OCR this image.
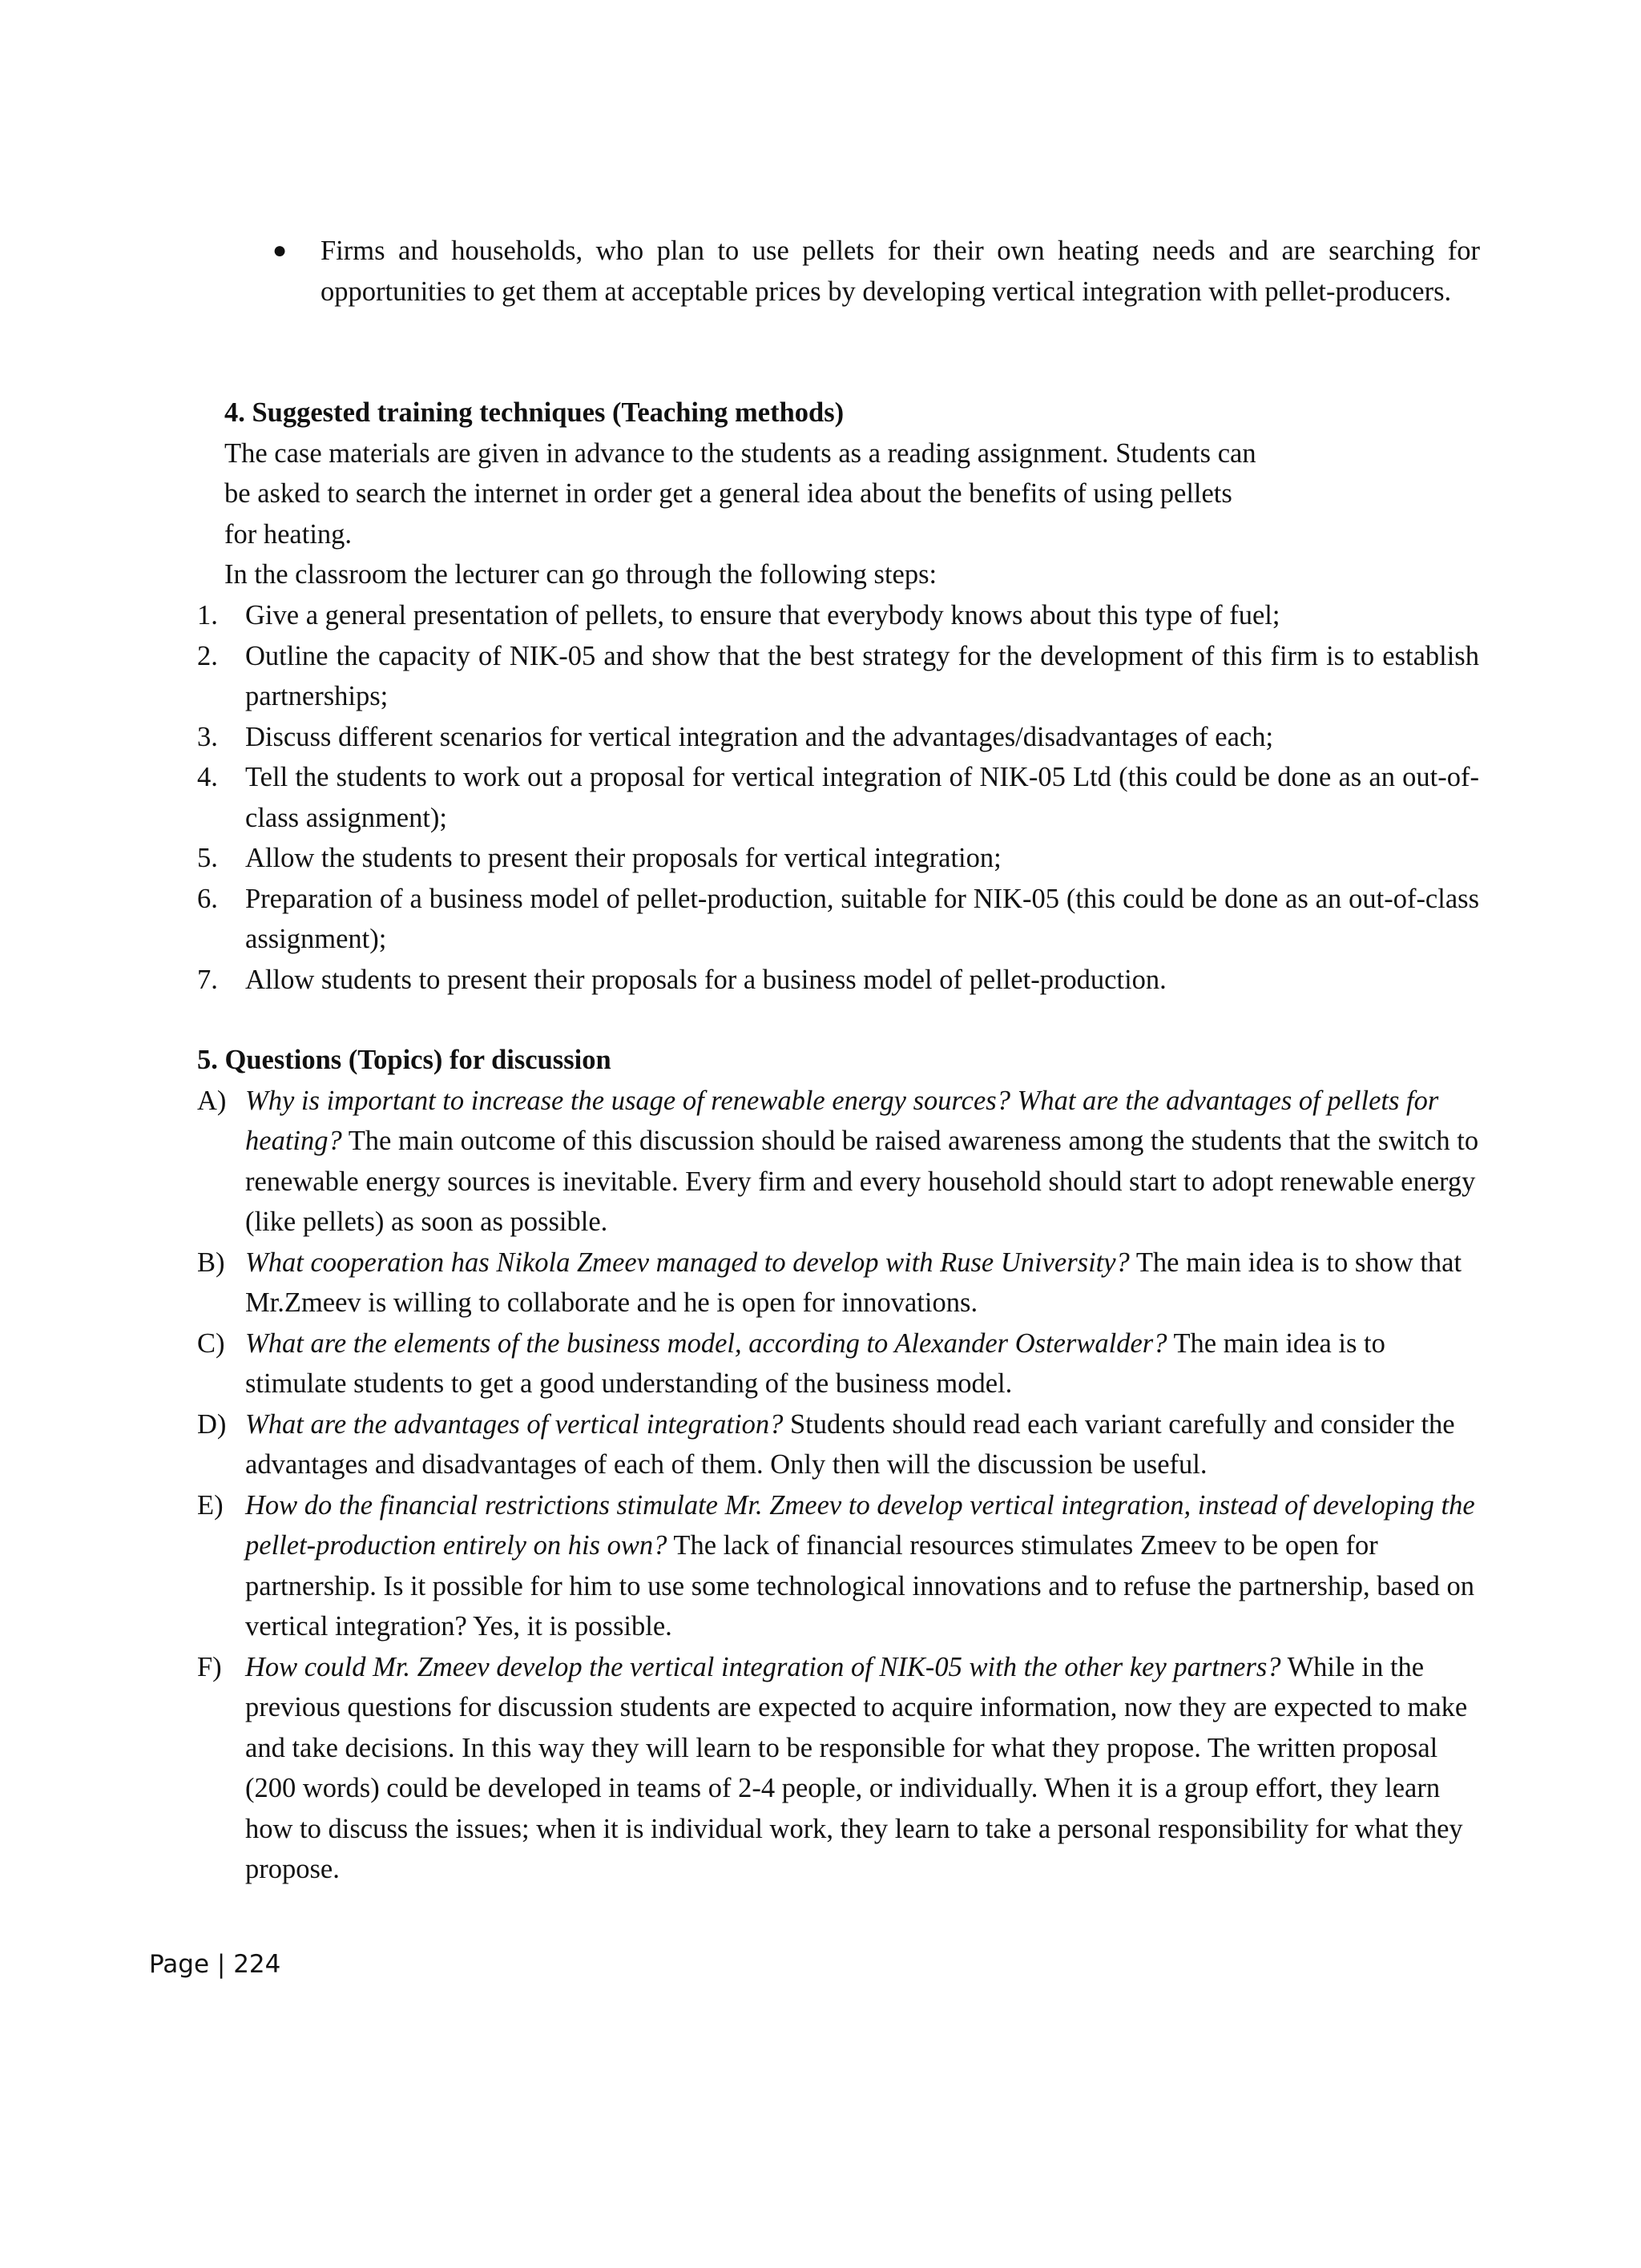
● Firms and households, who plan to use pellets for their own heating needs and are searching for opportunities to get them at acceptable prices by developing vertical integration with pellet-producers.
4. Suggested training techniques (Teaching methods)
The case materials are given in advance to the students as a reading assignment. Students can
be asked to search the internet in order get a general idea about the benefits of using pellets
for heating.
In the classroom the lecturer can go through the following steps:
1. Give a general presentation of pellets, to ensure that everybody knows about this type of fuel;
2. Outline the capacity of NIK-05 and show that the best strategy for the development of this firm is to establish partnerships;
3. Discuss different scenarios for vertical integration and the advantages/disadvantages of each;
4. Tell the students to work out a proposal for vertical integration of NIK-05 Ltd (this could be done as an out-of-class assignment);
5. Allow the students to present their proposals for vertical integration;
6. Preparation of a business model of pellet-production, suitable for NIK-05 (this could be done as an out-of-class assignment);
7. Allow students to present their proposals for a business model of pellet-production.
5. Questions (Topics) for discussion
A) Why is important to increase the usage of renewable energy sources? What are the advantages of pellets for heating? The main outcome of this discussion should be raised awareness among the students that the switch to renewable energy sources is inevitable. Every firm and every household should start to adopt renewable energy (like pellets) as soon as possible.
B) What cooperation has Nikola Zmeev managed to develop with Ruse University? The main idea is to show that Mr.Zmeev is willing to collaborate and he is open for innovations.
C) What are the elements of the business model, according to Alexander Osterwalder? The main idea is to stimulate students to get a good understanding of the business model.
D) What are the advantages of vertical integration? Students should read each variant carefully and consider the advantages and disadvantages of each of them. Only then will the discussion be useful.
E) How do the financial restrictions stimulate Mr. Zmeev to develop vertical integration, instead of developing the pellet-production entirely on his own? The lack of financial resources stimulates Zmeev to be open for partnership. Is it possible for him to use some technological innovations and to refuse the partnership, based on vertical integration? Yes, it is possible.
F) How could Mr. Zmeev develop the vertical integration of NIK-05 with the other key partners? While in the previous questions for discussion students are expected to acquire information, now they are expected to make and take decisions. In this way they will learn to be responsible for what they propose. The written proposal (200 words) could be developed in teams of 2-4 people, or individually. When it is a group effort, they learn how to discuss the issues; when it is individual work, they learn to take a personal responsibility for what they propose.
Page | 224
